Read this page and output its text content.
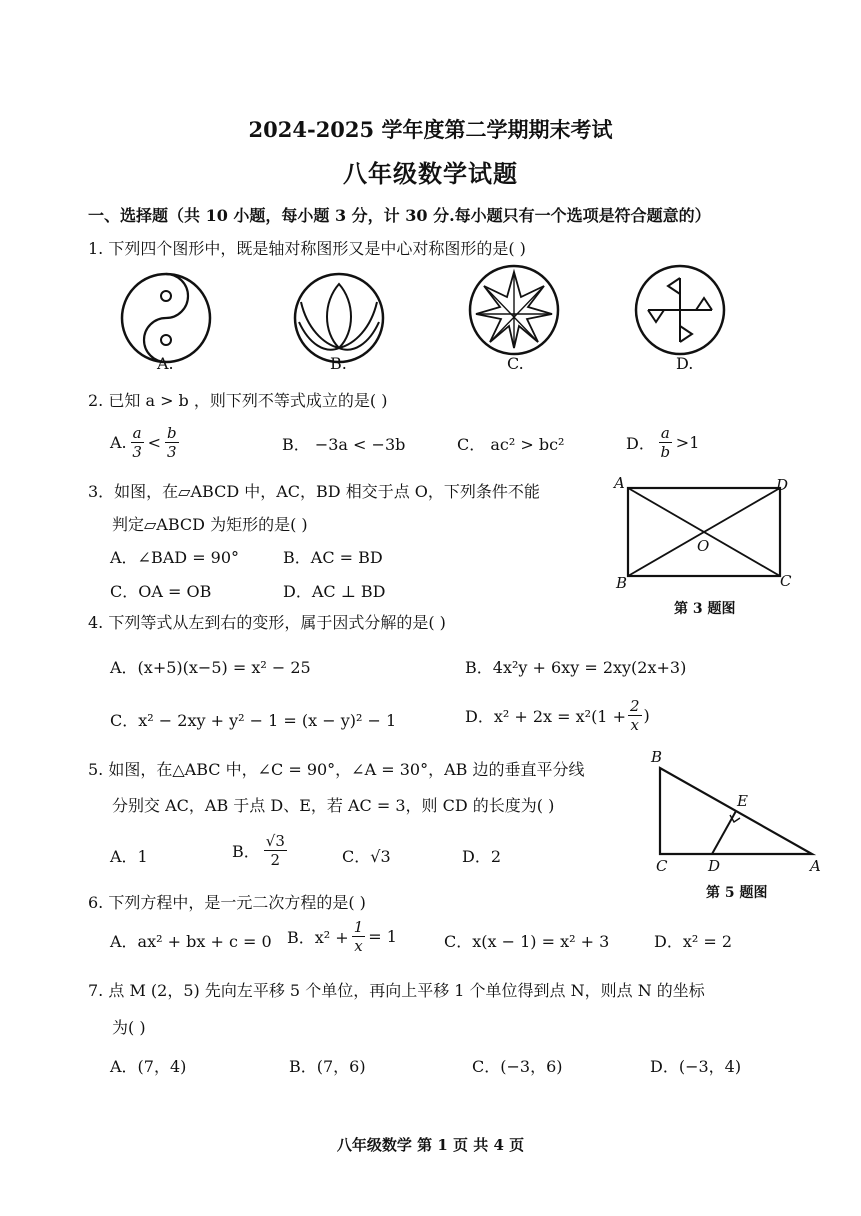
2024-2025 学年度第二学期期末考试
八年级数学试题
一、选择题（共 10 小题，每小题 3 分，计 30 分.每小题只有一个选项是符合题意的）
1. 下列四个图形中，既是轴对称图形又是中心对称图形的是( )
A.	B.	C.	D.
2. 已知 a > b ，则下列不等式成立的是( )
A. $\frac{a}{3} < \frac{b}{3}$	B． −3a < −3b	C． ac² > bc²	D． $\frac{a}{b} >1$
3．如图，在▱ABCD 中，AC，BD 相交于点 O，下列条件不能
判定▱ABCD 为矩形的是( )
A．∠BAD = 90°	B．AC = BD
C．OA = OB	D．AC ⊥ BD
A	D
B	C
O
第 3 题图
4. 下列等式从左到右的变形，属于因式分解的是( )
A．(x+5)(x−5) = x² − 25	B．4x²y + 6xy = 2xy(2x+3)
C．x² − 2xy + y² − 1 = (x − y)² − 1	D．$x^2 + 2x = x^2(1 + \frac{2}{x}$ )
5. 如图，在△ABC 中，∠C = 90°，∠A = 30°，AB 边的垂直平分线
分别交 AC，AB 于点 D、E，若 AC = 3，则 CD 的长度为( )
A．1	B． $\frac{√3}{2}$	C．√3	D．2
B
E
C	D	A
第 5 题图
6. 下列方程中，是一元二次方程的是( )
A．ax² + bx + c = 0 B．$x^2 + \frac{1}{x} = 1$	C．x(x − 1) = x² + 3	D．x² = 2
7. 点 M (2，5) 先向左平移 5 个单位，再向上平移 1 个单位得到点 N，则点 N 的坐标
为( )
A．(7，4)	B．(7，6)	C．(−3，6)	D．(−3，4)
八年级数学 第 1 页 共 4 页
